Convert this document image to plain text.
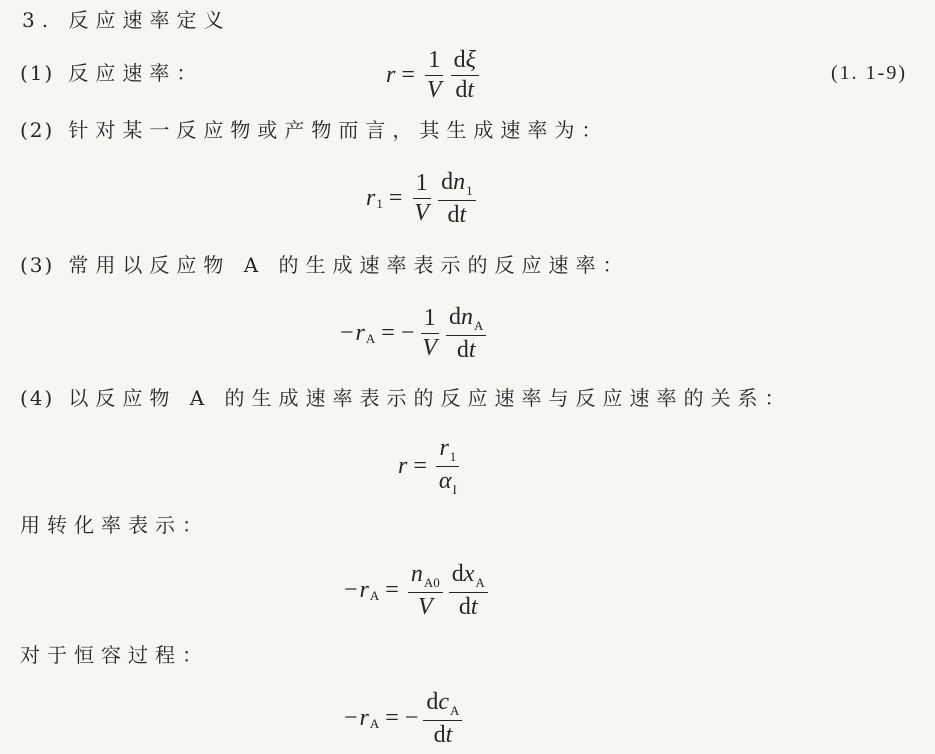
3. 反应速率定义
(1) 反应速率：	(1. 1-9)
$r = \frac{1}{V} \frac{d\xi}{dt}$
(2) 针对某一反应物或产物而言，其生成速率为：
r $1 = \frac{1}{V} \frac{dn_1}{dt}$
(3) 常用以反应物 A 的生成速率表示的反应速率：
− r A = − $\frac{1}{V} \frac{dn_A}{dt}$
(4) 以反应物 A 的生成速率表示的反应速率与反应速率的关系：
$r = \frac{r_1}{\alpha_I}$
用转化率表示：
− r $A = \frac{n_{A0}}{V} \frac{dx_A}{dt}$
对于恒容过程：
− r A = − $\frac{dc_A}{dt}$
